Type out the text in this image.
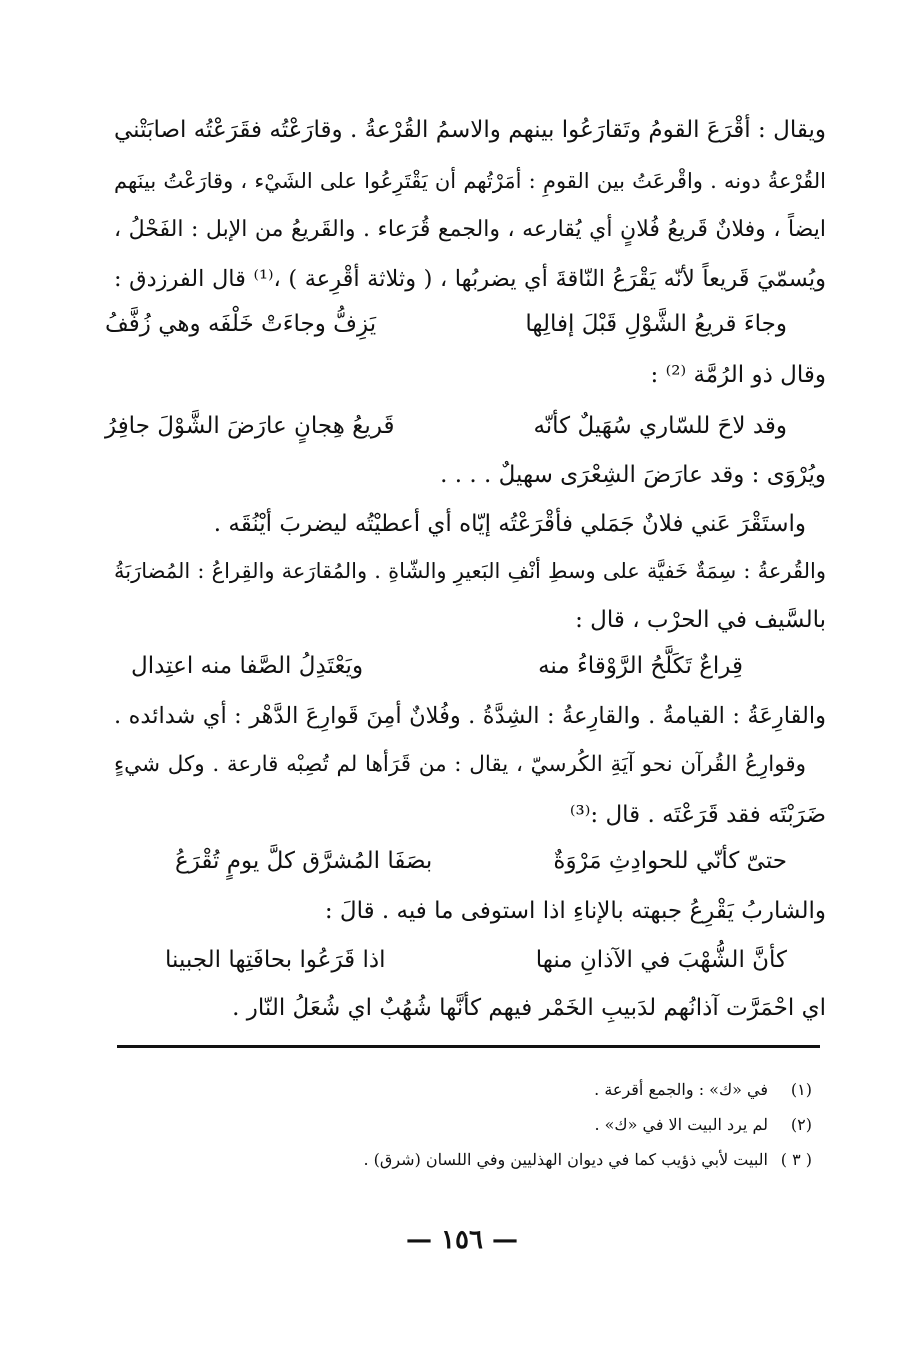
ويقال : أقْرَعَ القومُ وتَقارَعُوا بينهم والاسمُ القُرْعةُ . وقارَعْتُه فقَرَعْتُه اصابَتْني
القُرْعةُ دونه . واقْرعَتُ بين القومِ : أمَرْتُهم أن يَقْتَرِعُوا على الشَيْء ، وقارَعْتُ بينَهم
ايضاً ، وفلانٌ قَريعُ فُلانٍ أي يُقارعه ، والجمع قُرَعاء . والقَريعُ من الإبل : الفَحْلُ ،
ويُسمّيَ قَريعاً لأنّه يَقْرَعُ النّاقةَ أي يضربُها ، ( وثلاثة أقْرِعة ) ،⁽¹⁾ قال الفرزدق :
وجاءَ قريعُ الشَّوْلِ قَبْلَ إفالِها
يَزِفُّ وجاءَتْ خَلْفَه وهي زُفَّفُ
وقال ذو الرُمَّة ⁽²⁾ :
وقد لاحَ للسّاري سُهَيلٌ كأنّه
قَريعُ هِجانٍ عارَضَ الشَّوْلَ جافِرُ
ويُرْوَى : وقد عارَضَ الشِعْرَى سهيلٌ . . . .
واستَقْرَ عَني فلانٌ جَمَلي فأقْرَعْتُه إيّاه أي أعطيْتُه ليضربَ أيْنُقَه .
والقُرعةُ : سِمَةٌ خَفيَّة على وسطِ أنْفِ البَعيرِ والشّاةِ . والمُقارَعة والقِراعُ : المُضارَبَةُ
بالسَّيف في الحرْب ، قال :
قِراعٌ تَكَلَّحُ الرَّوْقاءُ منه
ويَعْتَدِلُ الصَّفا منه اعتِدال
والقارِعَةُ : القيامةُ . والقارِعةُ : الشِدَّةُ . وفُلانٌ أمِنَ قَوارِعَ الدَّهْر : أي شدائده .
وقوارِعُ القُرآن نحو آيَةِ الكُرسيّ ، يقال : من قَرَأها لم تُصِبْه قارعة . وكل شيءٍ
ضَرَبْتَه فقد قَرَعْتَه . قال :⁽³⁾
حتىّ كأنّي للحوادِثِ مَرْوَةٌ
بصَفَا المُشرَّق كلَّ يومٍ تُقْرَعُ
والشاربُ يَقْرِعُ جبهته بالإناءِ اذا استوفى ما فيه . قالَ :
كأنَّ الشُّهْبَ في الآذانِ منها
اذا قَرَعُوا بحافَتِها الجبينا
اي احْمَرَّت آذانُهم لدَبيبِ الخَمْر فيهم كأنَّها شُهُبٌ اي شُعَلُ النّار .
(١)في «ك» : والجمع أقرعة .
(٢)لم يرد البيت الا في «ك» .
( ٣ )البيت لأبي ذؤيب كما في ديوان الهذليين وفي اللسان (شرق) .
— ١٥٦ —
